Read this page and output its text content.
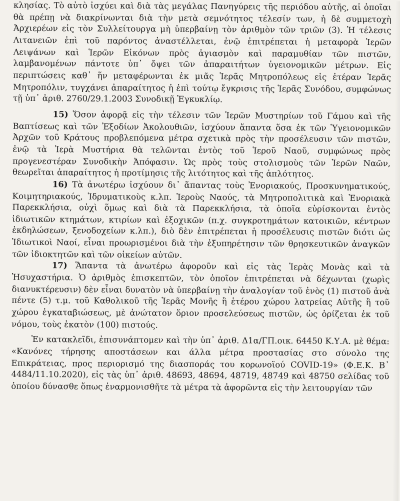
κλησίας. Τὸ αὐτὸ ἰσχύει καὶ διὰ τὰς μεγάλας Πανηγύρεις τῆς περιόδου αὐτῆς, αἱ ὁποῖαι θὰ πρέπῃ νὰ διακρίνωνται διὰ τὴν μετὰ σεμνότητος τέλεσίν των, ἡ δὲ συμμετοχὴ Ἀρχιερέων εἰς τὸν Συλλείτουργα μὴ ὑπερβαίνῃ τὸν ἀριθμὸν τῶν τριῶν (3). Ἡ τέλεσις Λιτανειῶν ἐπὶ τοῦ παρόντος ἀναστέλλεται, ἐνῷ ἐπιτρέπεται ἡ μεταφορὰ Ἱερῶν Λειψάνων καὶ Ἱερῶν Εἰκόνων πρὸς ἁγιασμὸν καὶ παραμυθίαν τῶν πιστῶν, λαμβανομένων πάντοτε ὑπ᾽ ὄψει τῶν ἀπαραιτήτων ὑγειονομικῶν μέτρων. Εἰς περιπτώσεις καθ᾽ ἥν μεταφέρωνται ἐκ μιᾶς Ἱερᾶς Μητροπόλεως εἰς ἑτέραν Ἱερᾶς Μητροπόλιν, τυγχάνει ἀπαραίτητος ἡ ἐπὶ τούτῳ ἔγκρισις τῆς Ἱερᾶς Συνόδου, συμφώνως τῇ ὑπ᾽ ἀριθ. 2760/29.1.2003 Συνοδικῇ Ἐγκυκλίῳ.

15) Ὅσον ἀφορᾷ εἰς τὴν τέλεσιν τῶν Ἱερῶν Μυστηρίων τοῦ Γάμου καὶ τῆς Βαπτίσεως καὶ τῶν Ἐξοδίων Ἀκολουθιῶν, ἰσχύουν ἅπαντα ὅσα ἐκ τῶν Ὑγειονομικῶν Ἀρχῶν τοῦ Κράτους προβλεπόμενα μέτρα σχετικὰ πρὸς τὴν προσέλευσιν τῶν πιστῶν, ἐνῷ τὰ Ἱερὰ Μυστήρια θὰ τελῶνται ἐντὸς τοῦ Ἱεροῦ Ναοῦ, συμφώνως πρὸς προγενεστέραν Συνοδικὴν Ἀπόφασιν. Ὡς πρὸς τοὺς στολισμοὺς τῶν Ἱερῶν Ναῶν, θεωρεῖται ἀπαραίτητος ἡ προτίμησις τῆς λιτότητος καὶ τῆς ἁπλότητος.

16) Τὰ ἀνωτέρω ἰσχύουν δι᾽ ἅπαντας τοὺς Ἐνοριακούς, Προσκυνηματικούς, Κοιμητηριακούς, Ἱδρυματικοὺς κ.λπ. Ἱεροὺς Ναούς, τὰ Μητροπολιτικὰ καὶ Ἐνοριακὰ Παρεκκλήσια, οὐχὶ ὅμως καὶ διὰ τὰ Παρεκκλήσια, τὰ ὁποῖα εὑρίσκονται ἐντὸς ἰδιωτικῶν κτημάτων, κτιρίων καὶ ἐξοχικῶν (π.χ. συγκροτημάτων κατοικιῶν, κέντρων ἐκδηλώσεων, ξενοδοχείων κ.λπ.), διὸ δὲν ἐπιτρέπεται ἡ προσέλευσις πιστῶν διότι ὡς Ἰδιωτικοὶ Ναοί, εἶναι προωρισμένοι διὰ τὴν ἐξυπηρέτησιν τῶν θρησκευτικῶν ἀναγκῶν τῶν ἰδιοκτητῶν καὶ τῶν οἰκείων αὐτῶν.

17) Ἅπαντα τὰ ἀνωτέρω ἀφοροῦν καὶ εἰς τὰς Ἱερὰς Μονὰς καὶ τὰ Ἡσυχαστήρια. Ὁ ἀριθμὸς ἐπισκεπτῶν, τὸν ὁποῖον ἐπιτρέπεται νὰ δέχωνται (χωρὶς διανυκτέρευσιν) δὲν εἶναι δυνατὸν νὰ ὑπερβαίνῃ τὴν ἀναλογίαν τοῦ ἑνὸς (1) πιστοῦ ἀνὰ πέντε (5) τ.μ. τοῦ Καθολικοῦ τῆς Ἱερᾶς Μονῆς ἢ ἑτέρου χώρου λατρείας Αὐτῆς ἢ τοῦ χώρου ἐγκαταβιώσεως, μὲ ἀνώτατον ὅριον προσελεύσεως πιστῶν, ὡς ὁρίζεται ἐκ τοῦ νόμου, τοὺς ἑκατὸν (100) πιστούς.

Ἐν κατακλεῖδι, ἐπισυνάπτομεν καὶ τὴν ὑπ᾽ ἀριθ. Δ1α/ΓΠ.οικ. 64450 Κ.Υ.Α. μὲ θέμα: «Κανόνες τήρησης αποστάσεων και άλλα μέτρα προστασίας στο σύνολο της Επικράτειας, προς περιορισμό της διασποράς του κορωνοϊού COVID-19» (Φ.Ε.Κ. Β᾽ 4484/11.10.2020), εἰς τὰς ὑπ᾽ ἀριθ. 48693, 48694, 48719, 48749 καὶ 48750 σελίδας τοῦ ὁποίου δύνασθε ὅπως ἐναρμονισθῆτε τὰ μέτρα τὰ ἀφορῶντα εἰς τὴν λειτουργίαν τῶν
